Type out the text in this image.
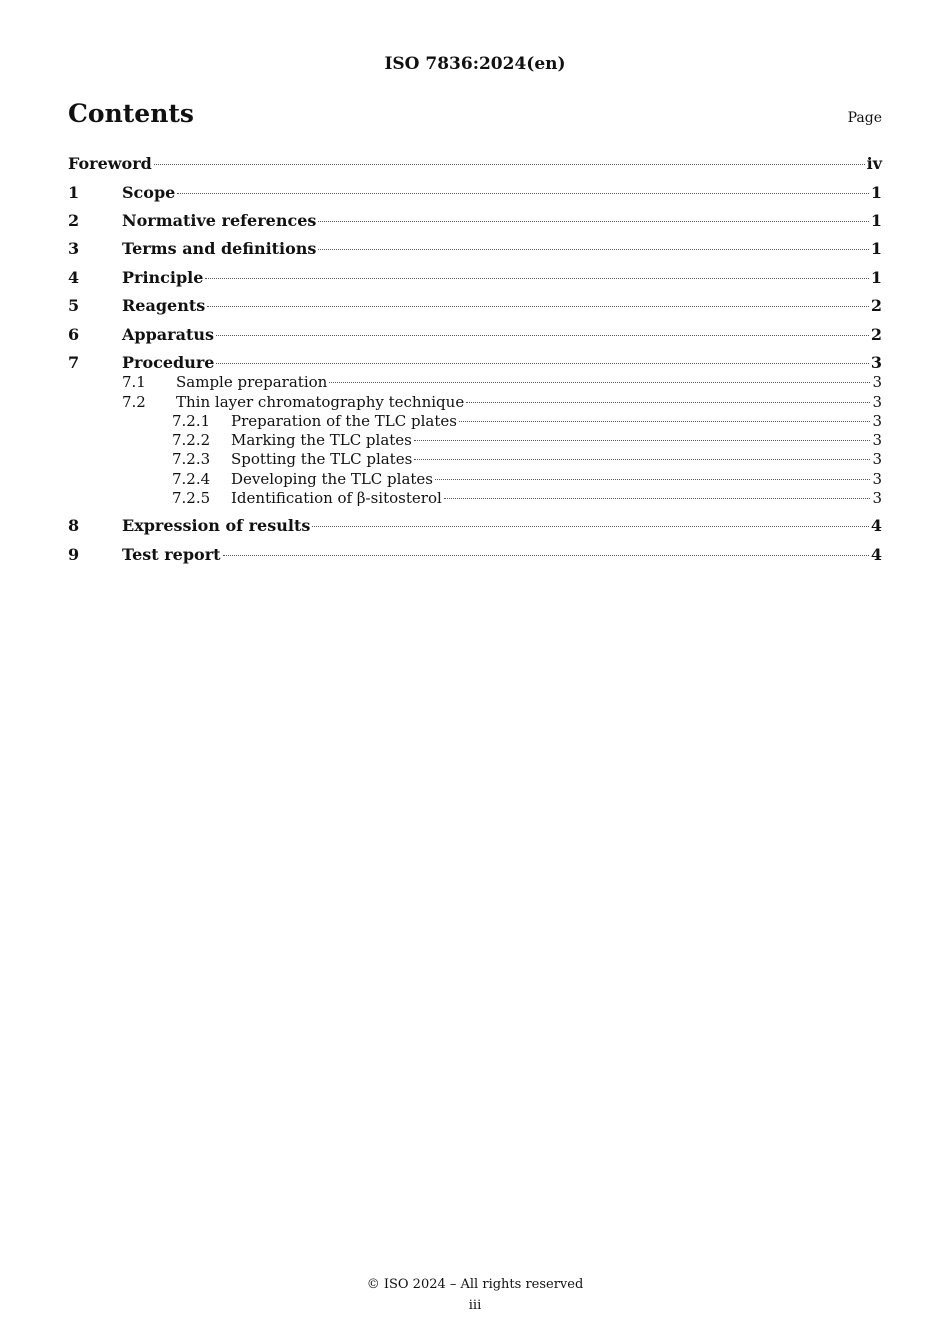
ISO 7836:2024(en)
Contents	Page
Foreword	iv
1	Scope	1
2	Normative references	1
3	Terms and definitions	1
4	Principle	1
5	Reagents	2
6	Apparatus	2
7	Procedure	3
7.1	Sample preparation	3
7.2	Thin layer chromatography technique	3
7.2.1	Preparation of the TLC plates	3
7.2.2	Marking the TLC plates	3
7.2.3	Spotting the TLC plates	3
7.2.4	Developing the TLC plates	3
7.2.5	Identification of β-sitosterol	3
8	Expression of results	4
9	Test report	4
© ISO 2024 – All rights reserved
iii
